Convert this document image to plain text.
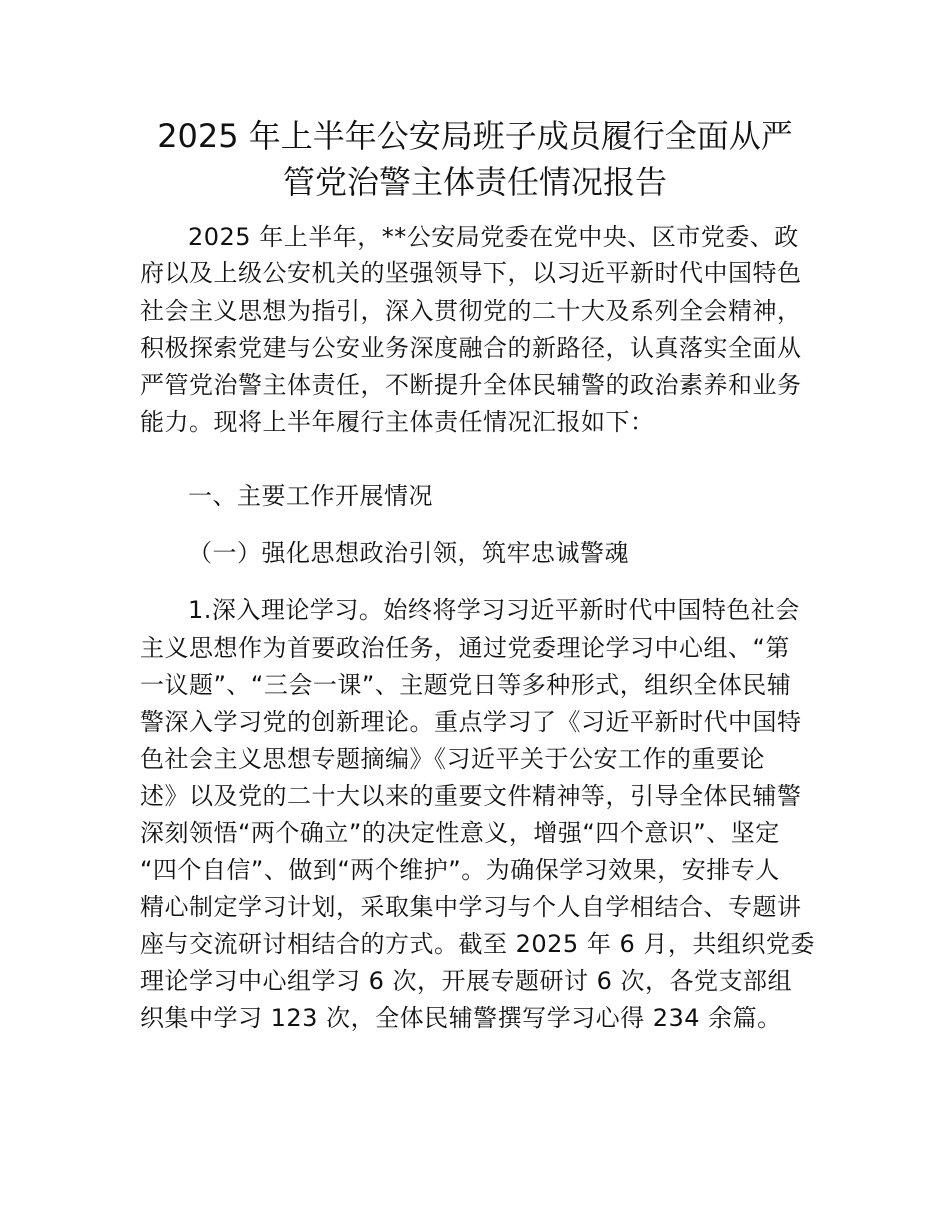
2025 年上半年公安局班子成员履行全面从严
管党治警主体责任情况报告
2025 年上半年，**公安局党委在党中央、区市党委、政
府以及上级公安机关的坚强领导下，以习近平新时代中国特色
社会主义思想为指引，深入贯彻党的二十大及系列全会精神，
积极探索党建与公安业务深度融合的新路径，认真落实全面从
严管党治警主体责任，不断提升全体民辅警的政治素养和业务
能力。现将上半年履行主体责任情况汇报如下：
一、主要工作开展情况
（一）强化思想政治引领，筑牢忠诚警魂
1.深入理论学习。始终将学习习近平新时代中国特色社会
主义思想作为首要政治任务，通过党委理论学习中心组、“第
一议题”、“三会一课”、主题党日等多种形式，组织全体民辅
警深入学习党的创新理论。重点学习了《习近平新时代中国特
色社会主义思想专题摘编》《习近平关于公安工作的重要论
述》以及党的二十大以来的重要文件精神等，引导全体民辅警
深刻领悟“两个确立”的决定性意义，增强“四个意识”、坚定
“四个自信”、做到“两个维护”。为确保学习效果，安排专人
精心制定学习计划，采取集中学习与个人自学相结合、专题讲
座与交流研讨相结合的方式。截至 2025 年 6 月，共组织党委
理论学习中心组学习 6 次，开展专题研讨 6 次，各党支部组
织集中学习 123 次，全体民辅警撰写学习心得 234 余篇。
